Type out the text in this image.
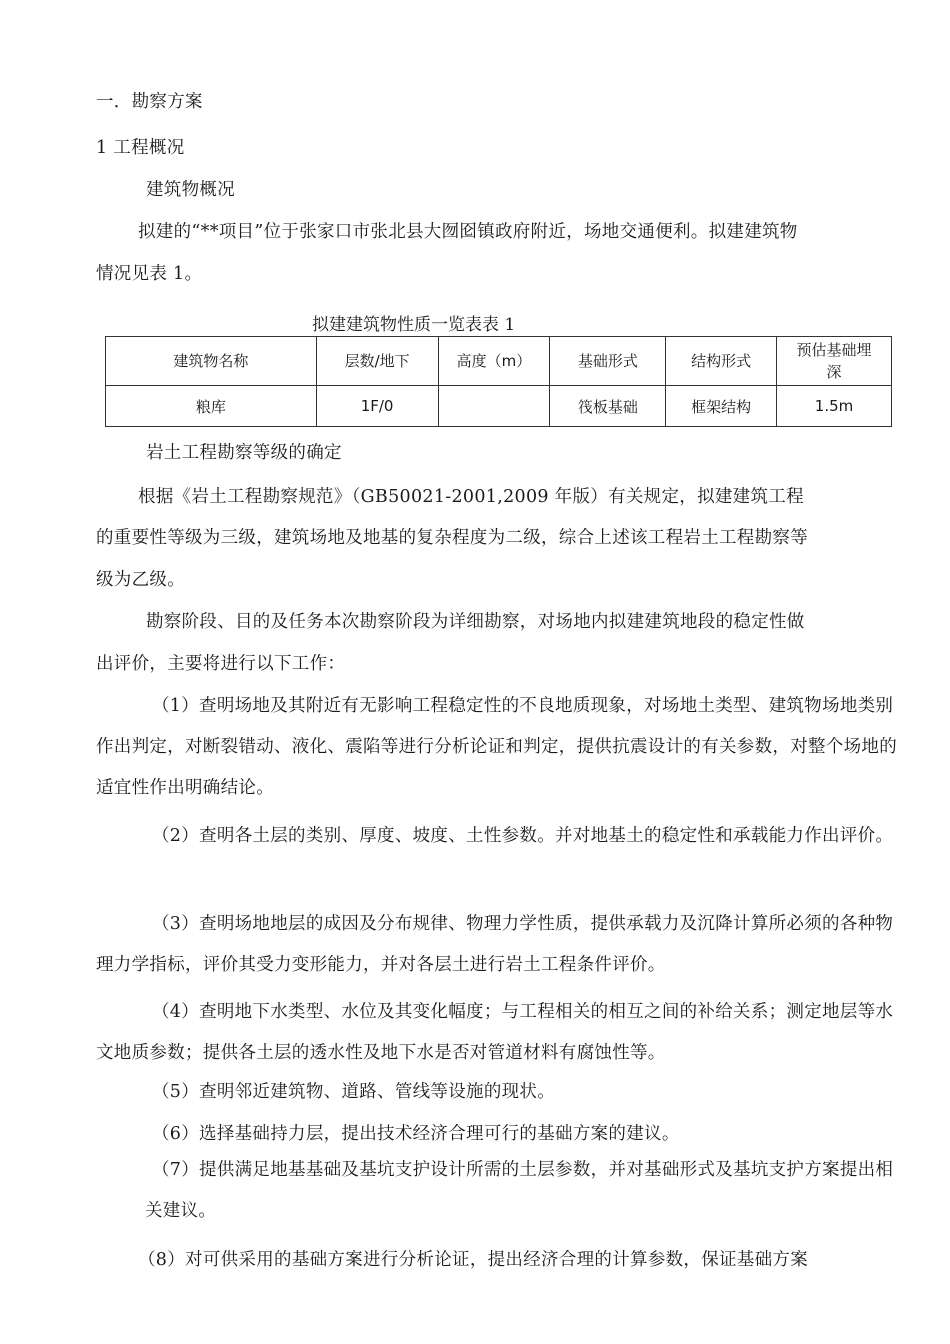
一．勘察方案
1 工程概况
建筑物概况
拟建的“**项目”位于张家口市张北县大囫囵镇政府附近，场地交通便利。拟建建筑物
情况见表 1。
拟建建筑物性质一览表表 1
建筑物名称	层数/地下	高度（m）	基础形式	结构形式	预估基础埋深
粮库	1F/0		筏板基础	框架结构	1.5m
岩土工程勘察等级的确定
根据《岩土工程勘察规范》（GB50021-2001,2009 年版）有关规定，拟建建筑工程
的重要性等级为三级，建筑场地及地基的复杂程度为二级，综合上述该工程岩土工程勘察等
级为乙级。
勘察阶段、目的及任务本次勘察阶段为详细勘察，对场地内拟建建筑地段的稳定性做
出评价，主要将进行以下工作：
（1）查明场地及其附近有无影响工程稳定性的不良地质现象，对场地土类型、建筑物场地类别作出判定，对断裂错动、液化、震陷等进行分析论证和判定，提供抗震设计的有关参数，对整个场地的适宜性作出明确结论。
（2）查明各土层的类别、厚度、坡度、土性参数。并对地基土的稳定性和承载能力作出评价。
（3）查明场地地层的成因及分布规律、物理力学性质，提供承载力及沉降计算所必须的各种物理力学指标，评价其受力变形能力，并对各层土进行岩土工程条件评价。
（4）查明地下水类型、水位及其变化幅度；与工程相关的相互之间的补给关系；测定地层等水文地质参数；提供各土层的透水性及地下水是否对管道材料有腐蚀性等。
（5）查明邻近建筑物、道路、管线等设施的现状。
（6）选择基础持力层，提出技术经济合理可行的基础方案的建议。
（7）提供满足地基基础及基坑支护设计所需的土层参数，并对基础形式及基坑支护方案提出相关建议。
（8）对可供采用的基础方案进行分析论证，提出经济合理的计算参数，保证基础方案
